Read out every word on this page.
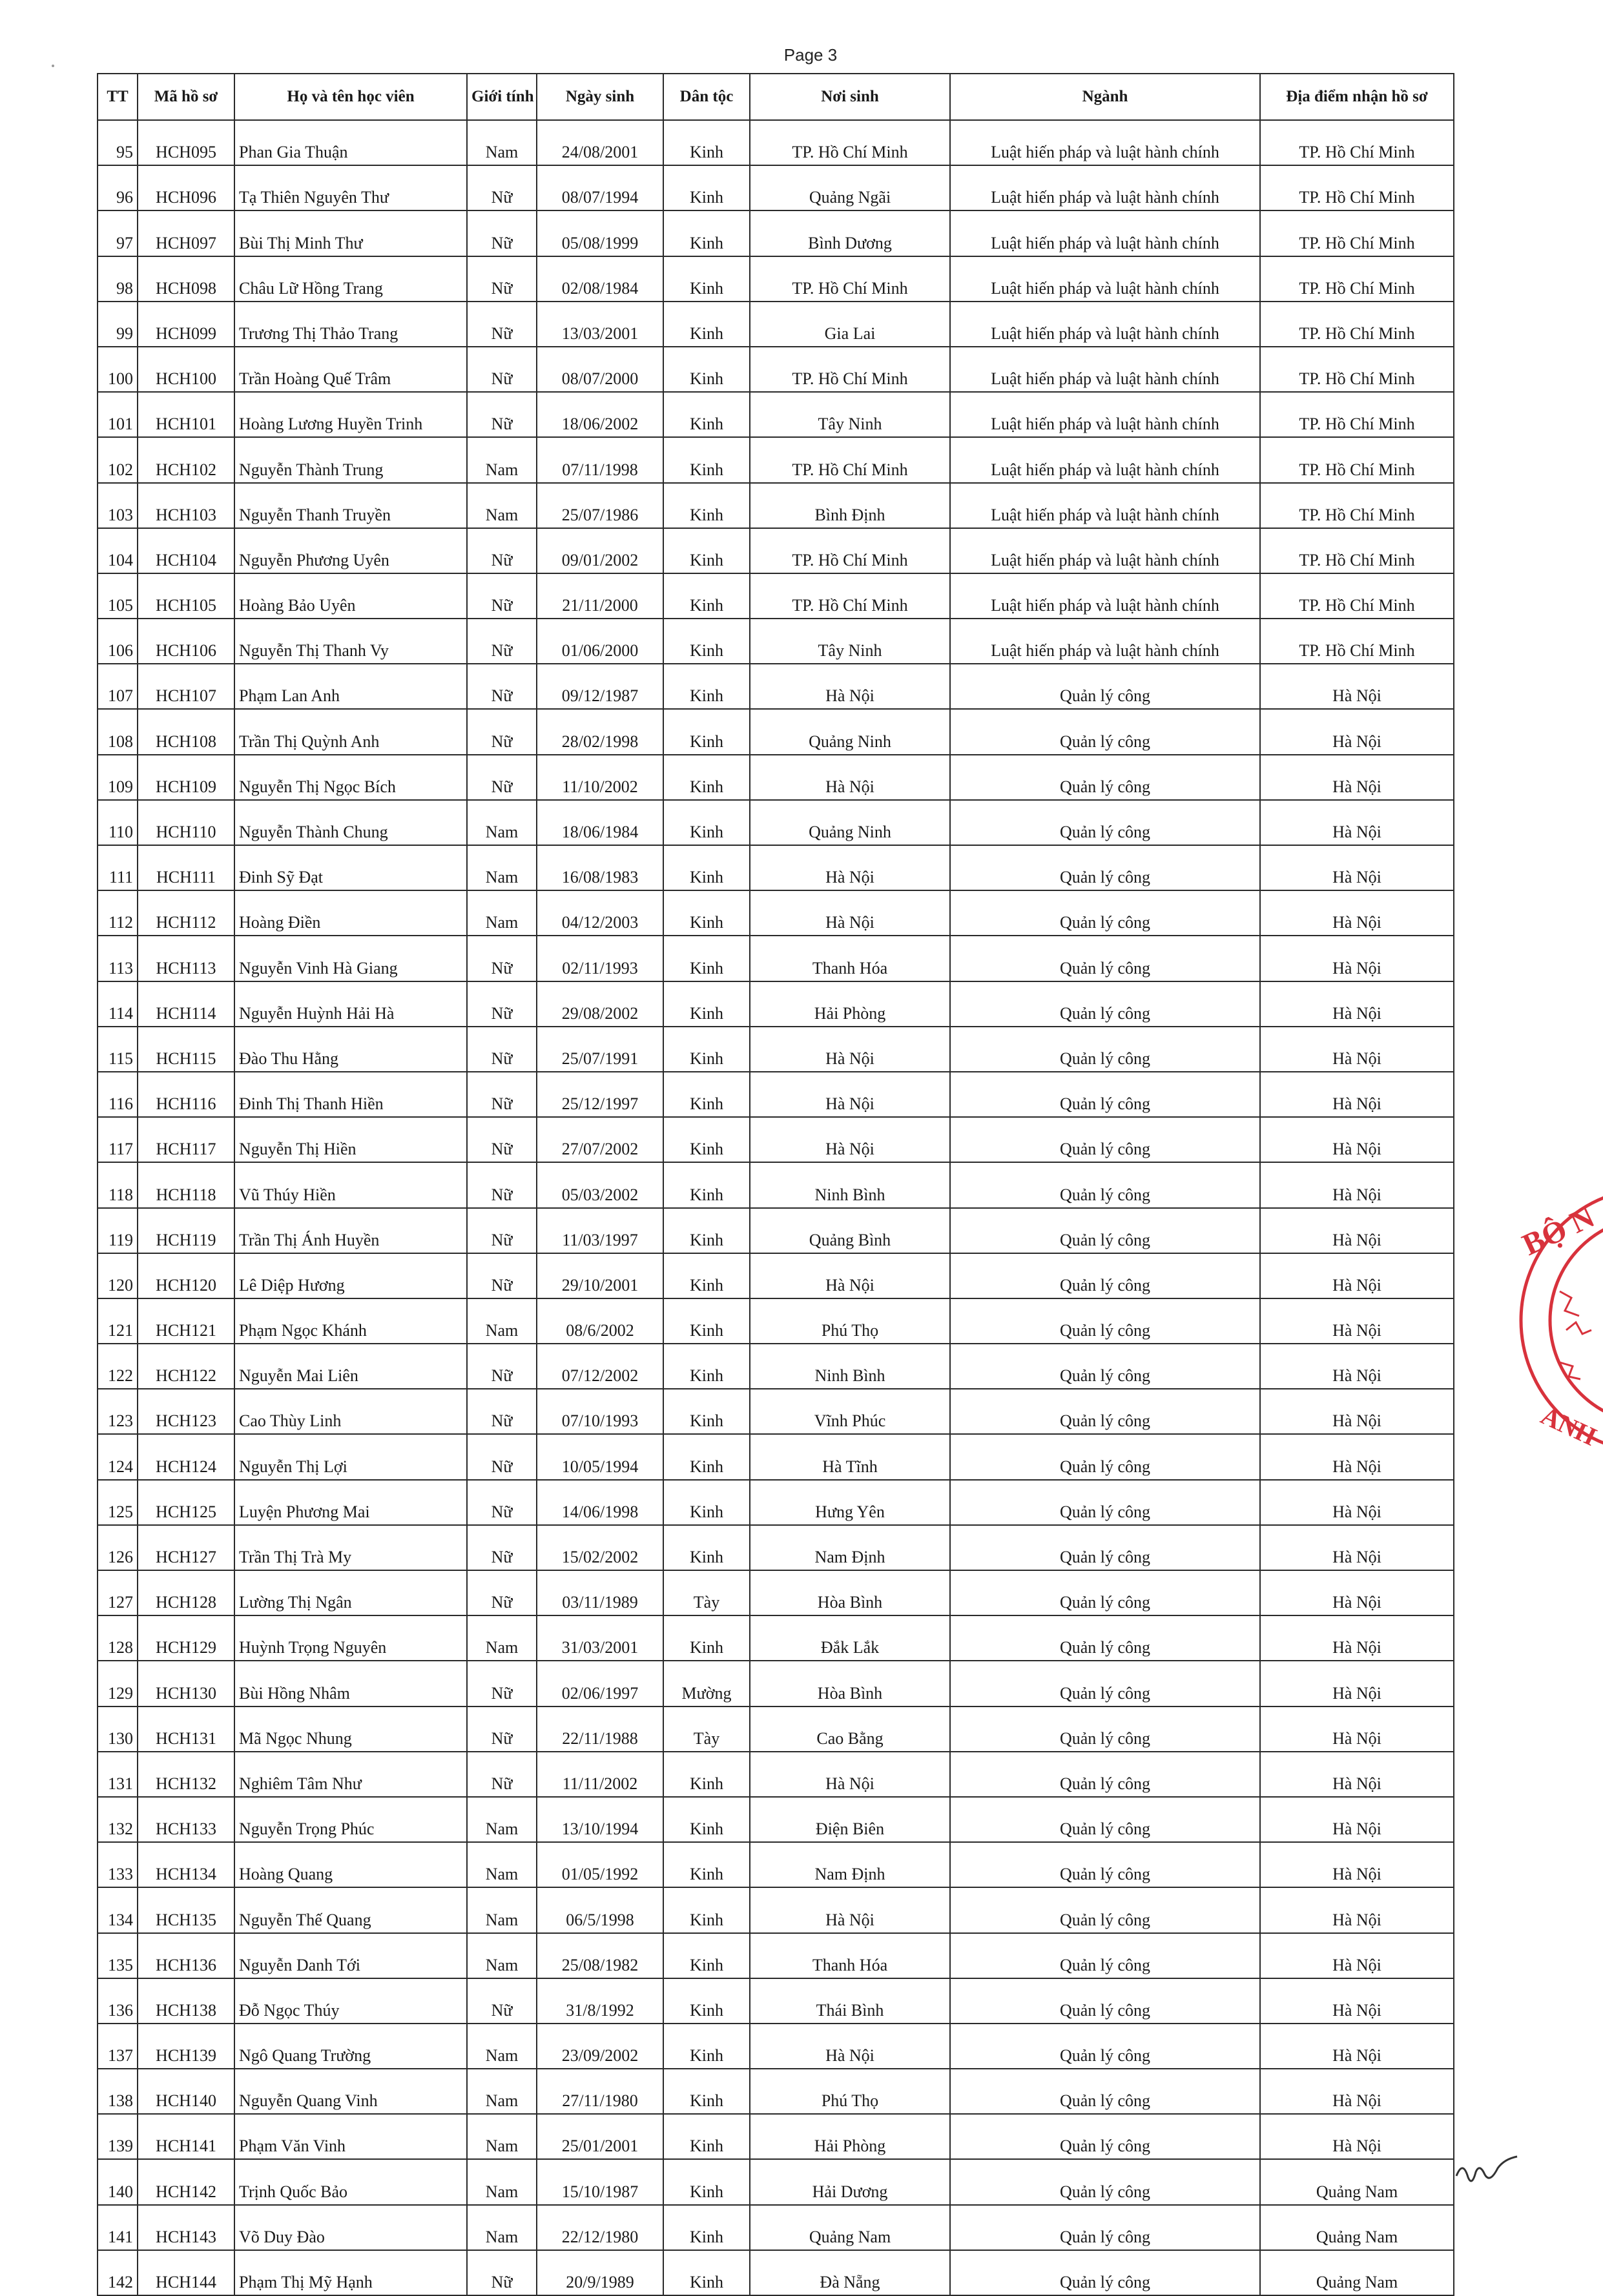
Page 3
TT	Mã hồ sơ	Họ và tên học viên	Giới tính	Ngày sinh	Dân tộc	Nơi sinh	Ngành	Địa điểm nhận hồ sơ
95	HCH095	Phan Gia Thuận	Nam	24/08/2001	Kinh	TP. Hồ Chí Minh	Luật hiến pháp và luật hành chính	TP. Hồ Chí Minh
96	HCH096	Tạ Thiên Nguyên Thư	Nữ	08/07/1994	Kinh	Quảng Ngãi	Luật hiến pháp và luật hành chính	TP. Hồ Chí Minh
97	HCH097	Bùi Thị Minh Thư	Nữ	05/08/1999	Kinh	Bình Dương	Luật hiến pháp và luật hành chính	TP. Hồ Chí Minh
98	HCH098	Châu Lữ Hồng Trang	Nữ	02/08/1984	Kinh	TP. Hồ Chí Minh	Luật hiến pháp và luật hành chính	TP. Hồ Chí Minh
99	HCH099	Trương Thị Thảo Trang	Nữ	13/03/2001	Kinh	Gia Lai	Luật hiến pháp và luật hành chính	TP. Hồ Chí Minh
100	HCH100	Trần Hoàng Quế Trâm	Nữ	08/07/2000	Kinh	TP. Hồ Chí Minh	Luật hiến pháp và luật hành chính	TP. Hồ Chí Minh
101	HCH101	Hoàng Lương Huyền Trinh	Nữ	18/06/2002	Kinh	Tây Ninh	Luật hiến pháp và luật hành chính	TP. Hồ Chí Minh
102	HCH102	Nguyễn Thành Trung	Nam	07/11/1998	Kinh	TP. Hồ Chí Minh	Luật hiến pháp và luật hành chính	TP. Hồ Chí Minh
103	HCH103	Nguyễn Thanh Truyền	Nam	25/07/1986	Kinh	Bình Định	Luật hiến pháp và luật hành chính	TP. Hồ Chí Minh
104	HCH104	Nguyễn Phương Uyên	Nữ	09/01/2002	Kinh	TP. Hồ Chí Minh	Luật hiến pháp và luật hành chính	TP. Hồ Chí Minh
105	HCH105	Hoàng Bảo Uyên	Nữ	21/11/2000	Kinh	TP. Hồ Chí Minh	Luật hiến pháp và luật hành chính	TP. Hồ Chí Minh
106	HCH106	Nguyễn Thị Thanh Vy	Nữ	01/06/2000	Kinh	Tây Ninh	Luật hiến pháp và luật hành chính	TP. Hồ Chí Minh
107	HCH107	Phạm Lan Anh	Nữ	09/12/1987	Kinh	Hà Nội	Quản lý công	Hà Nội
108	HCH108	Trần Thị Quỳnh Anh	Nữ	28/02/1998	Kinh	Quảng Ninh	Quản lý công	Hà Nội
109	HCH109	Nguyễn Thị Ngọc Bích	Nữ	11/10/2002	Kinh	Hà Nội	Quản lý công	Hà Nội
110	HCH110	Nguyễn Thành Chung	Nam	18/06/1984	Kinh	Quảng Ninh	Quản lý công	Hà Nội
111	HCH111	Đinh Sỹ Đạt	Nam	16/08/1983	Kinh	Hà Nội	Quản lý công	Hà Nội
112	HCH112	Hoàng Điền	Nam	04/12/2003	Kinh	Hà Nội	Quản lý công	Hà Nội
113	HCH113	Nguyễn Vinh Hà Giang	Nữ	02/11/1993	Kinh	Thanh Hóa	Quản lý công	Hà Nội
114	HCH114	Nguyễn Huỳnh Hải Hà	Nữ	29/08/2002	Kinh	Hải Phòng	Quản lý công	Hà Nội
115	HCH115	Đào Thu Hằng	Nữ	25/07/1991	Kinh	Hà Nội	Quản lý công	Hà Nội
116	HCH116	Đinh Thị Thanh Hiền	Nữ	25/12/1997	Kinh	Hà Nội	Quản lý công	Hà Nội
117	HCH117	Nguyễn Thị Hiền	Nữ	27/07/2002	Kinh	Hà Nội	Quản lý công	Hà Nội
118	HCH118	Vũ Thúy Hiền	Nữ	05/03/2002	Kinh	Ninh Bình	Quản lý công	Hà Nội
119	HCH119	Trần Thị Ánh Huyền	Nữ	11/03/1997	Kinh	Quảng Bình	Quản lý công	Hà Nội
120	HCH120	Lê Diệp Hương	Nữ	29/10/2001	Kinh	Hà Nội	Quản lý công	Hà Nội
121	HCH121	Phạm Ngọc Khánh	Nam	08/6/2002	Kinh	Phú Thọ	Quản lý công	Hà Nội
122	HCH122	Nguyễn Mai Liên	Nữ	07/12/2002	Kinh	Ninh Bình	Quản lý công	Hà Nội
123	HCH123	Cao Thùy Linh	Nữ	07/10/1993	Kinh	Vĩnh Phúc	Quản lý công	Hà Nội
124	HCH124	Nguyễn Thị Lợi	Nữ	10/05/1994	Kinh	Hà Tĩnh	Quản lý công	Hà Nội
125	HCH125	Luyện Phương Mai	Nữ	14/06/1998	Kinh	Hưng Yên	Quản lý công	Hà Nội
126	HCH127	Trần Thị Trà My	Nữ	15/02/2002	Kinh	Nam Định	Quản lý công	Hà Nội
127	HCH128	Lường Thị Ngân	Nữ	03/11/1989	Tày	Hòa Bình	Quản lý công	Hà Nội
128	HCH129	Huỳnh Trọng Nguyên	Nam	31/03/2001	Kinh	Đắk Lắk	Quản lý công	Hà Nội
129	HCH130	Bùi Hồng Nhâm	Nữ	02/06/1997	Mường	Hòa Bình	Quản lý công	Hà Nội
130	HCH131	Mã Ngọc Nhung	Nữ	22/11/1988	Tày	Cao Bằng	Quản lý công	Hà Nội
131	HCH132	Nghiêm Tâm Như	Nữ	11/11/2002	Kinh	Hà Nội	Quản lý công	Hà Nội
132	HCH133	Nguyễn Trọng Phúc	Nam	13/10/1994	Kinh	Điện Biên	Quản lý công	Hà Nội
133	HCH134	Hoàng Quang	Nam	01/05/1992	Kinh	Nam Định	Quản lý công	Hà Nội
134	HCH135	Nguyễn Thế Quang	Nam	06/5/1998	Kinh	Hà Nội	Quản lý công	Hà Nội
135	HCH136	Nguyễn Danh Tới	Nam	25/08/1982	Kinh	Thanh Hóa	Quản lý công	Hà Nội
136	HCH138	Đỗ Ngọc Thúy	Nữ	31/8/1992	Kinh	Thái Bình	Quản lý công	Hà Nội
137	HCH139	Ngô Quang Trường	Nam	23/09/2002	Kinh	Hà Nội	Quản lý công	Hà Nội
138	HCH140	Nguyễn Quang Vinh	Nam	27/11/1980	Kinh	Phú Thọ	Quản lý công	Hà Nội
139	HCH141	Phạm Văn Vinh	Nam	25/01/2001	Kinh	Hải Phòng	Quản lý công	Hà Nội
140	HCH142	Trịnh Quốc Bảo	Nam	15/10/1987	Kinh	Hải Dương	Quản lý công	Quảng Nam
141	HCH143	Võ Duy Đào	Nam	22/12/1980	Kinh	Quảng Nam	Quản lý công	Quảng Nam
142	HCH144	Phạm Thị Mỹ Hạnh	Nữ	20/9/1989	Kinh	Đà Nẵng	Quản lý công	Quảng Nam
BỘ N
ANH
